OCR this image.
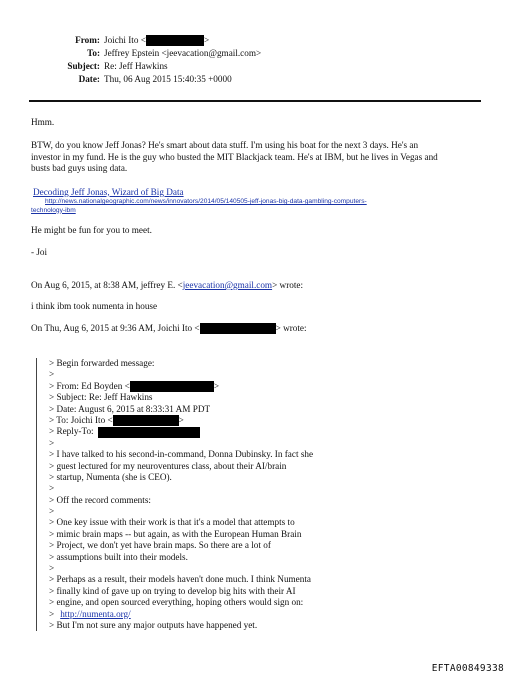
From: Joichi Ito <	>
To: Jeffrey Epstein <jeevacation@gmail.com>
Subject: Re: Jeff Hawkins
Date: Thu, 06 Aug 2015 15:40:35 +0000
Hmm.
BTW, do you know Jeff Jonas? He's smart about data stuff. I'm using his boat for the next 3 days. He's an
investor in my fund. He is the guy who busted the MIT Blackjack team. He's at IBM, but he lives in Vegas and
busts bad guys using data.
Decoding Jeff Jonas, Wizard of Big Data
http://news.nationalgeographic.com/news/innovators/2014/05/140505-jeff-jonas-big-data-gambling-computers-
technology-ibm
He might be fun for you to meet.
- Joi
On Aug 6, 2015, at 8:38 AM, jeffrey E. < jeevacation@gmail.com > wrote:
i think ibm took numenta in house
On Thu, Aug 6, 2015 at 9:36 AM, Joichi Ito <	> wrote:
> Begin forwarded message:
>
> From: Ed Boyden <	>
> Subject: Re: Jeff Hawkins
> Date: August 6, 2015 at 8:33:31 AM PDT
> To: Joichi Ito <	>
> Reply-To:
>
> I have talked to his second-in-command, Donna Dubinsky. In fact she
> guest lectured for my neuroventures class, about their AI/brain
> startup, Numenta (she is CEO).
>
> Off the record comments:
>
> One key issue with their work is that it's a model that attempts to
> mimic brain maps -- but again, as with the European Human Brain
> Project, we don't yet have brain maps. So there are a lot of
> assumptions built into their models.
>
> Perhaps as a result, their models haven't done much. I think Numenta
> finally kind of gave up on trying to develop big hits with their AI
> engine, and open sourced everything, hoping others would sign on:
> http://numenta.org/
> But I'm not sure any major outputs have happened yet.
EFTA00849338
